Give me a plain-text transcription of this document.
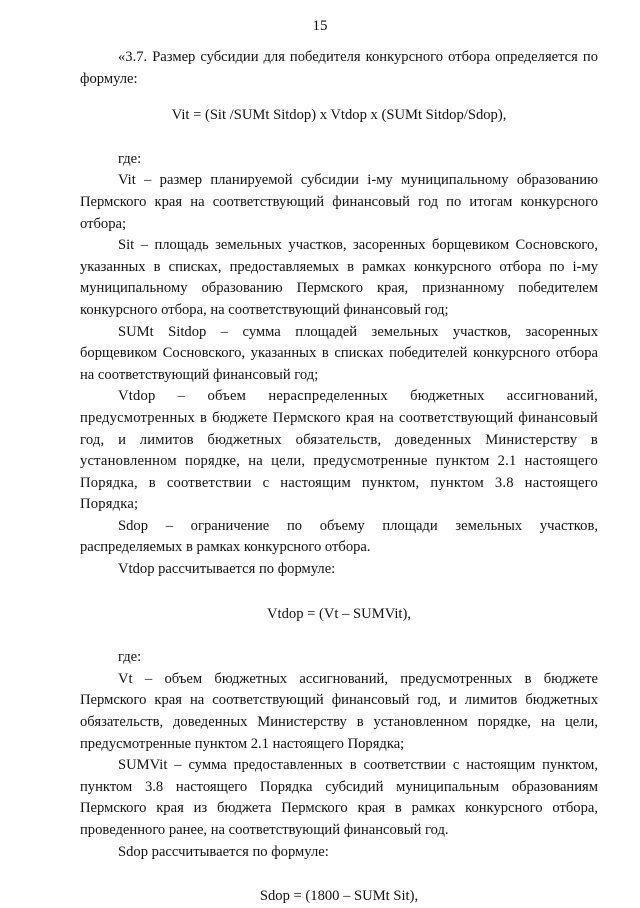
15

«3.7. Размер субсидии для победителя конкурсного отбора определяется по формуле:

Vit = (Sit /SUMt Sitdop) x Vtdop x (SUMt Sitdop/Sdop),

где:

Vit – размер планируемой субсидии i-му муниципальному образованию Пермского края на соответствующий финансовый год по итогам конкурсного отбора;

Sit – площадь земельных участков, засоренных борщевиком Сосновского, указанных в списках, предоставляемых в рамках конкурсного отбора по i-му муниципальному образованию Пермского края, признанному победителем конкурсного отбора, на соответствующий финансовый год;

SUMt Sitdop – сумма площадей земельных участков, засоренных борщевиком Сосновского, указанных в списках победителей конкурсного отбора на соответствующий финансовый год;

Vtdop – объем нераспределенных бюджетных ассигнований, предусмотренных в бюджете Пермского края на соответствующий финансовый год, и лимитов бюджетных обязательств, доведенных Министерству в установленном порядке, на цели, предусмотренные пунктом 2.1 настоящего Порядка, в соответствии с настоящим пунктом, пунктом 3.8 настоящего Порядка;

Sdop – ограничение по объему площади земельных участков, распределяемых в рамках конкурсного отбора.

Vtdop рассчитывается по формуле:

Vtdop = (Vt – SUMVit),

где:

Vt – объем бюджетных ассигнований, предусмотренных в бюджете Пермского края на соответствующий финансовый год, и лимитов бюджетных обязательств, доведенных Министерству в установленном порядке, на цели, предусмотренные пунктом 2.1 настоящего Порядка;

SUMVit – сумма предоставленных в соответствии с настоящим пунктом, пунктом 3.8 настоящего Порядка субсидий муниципальным образованиям Пермского края из бюджета Пермского края в рамках конкурсного отбора, проведенного ранее, на соответствующий финансовый год.

Sdop рассчитывается по формуле:

Sdop = (1800 – SUMt Sit),
